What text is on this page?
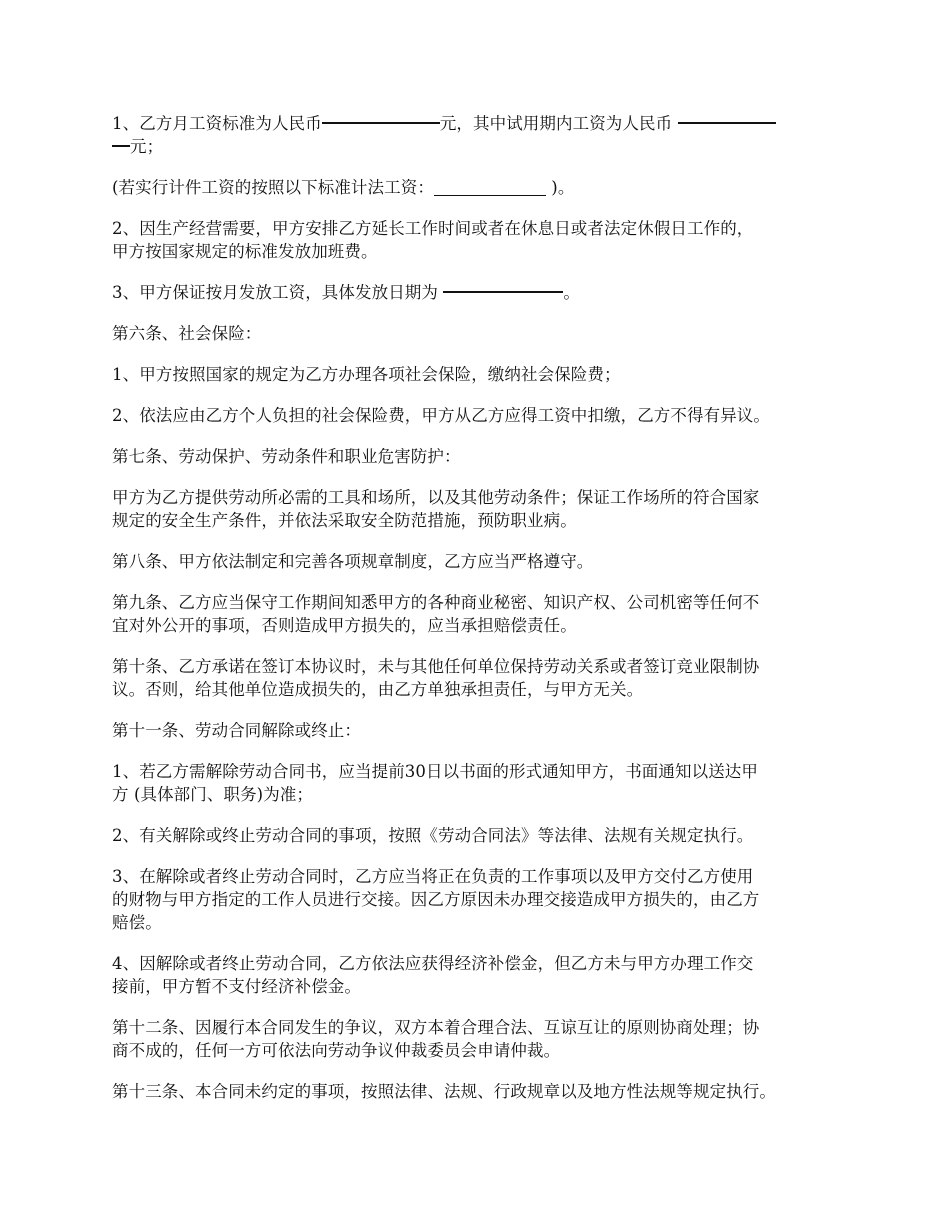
1、乙方月工资标准为人民币	元，其中试用期内工资为人民币
元；
(若实行计件工资的按照以下标准计法工资：	)。
2、因生产经营需要，甲方安排乙方延长工作时间或者在休息日或者法定休假日工作的，
甲方按国家规定的标准发放加班费。
3、甲方保证按月发放工资，具体发放日期为	。
第六条、社会保险：
1、甲方按照国家的规定为乙方办理各项社会保险，缴纳社会保险费；
2、依法应由乙方个人负担的社会保险费，甲方从乙方应得工资中扣缴，乙方不得有异议。
第七条、劳动保护、劳动条件和职业危害防护：
甲方为乙方提供劳动所必需的工具和场所，以及其他劳动条件；保证工作场所的符合国家
规定的安全生产条件，并依法采取安全防范措施，预防职业病。
第八条、甲方依法制定和完善各项规章制度，乙方应当严格遵守。
第九条、乙方应当保守工作期间知悉甲方的各种商业秘密、知识产权、公司机密等任何不
宜对外公开的事项，否则造成甲方损失的，应当承担赔偿责任。
第十条、乙方承诺在签订本协议时，未与其他任何单位保持劳动关系或者签订竞业限制协
议。否则，给其他单位造成损失的，由乙方单独承担责任，与甲方无关。
第十一条、劳动合同解除或终止：
1、若乙方需解除劳动合同书，应当提前30日以书面的形式通知甲方，书面通知以送达甲
方 (具体部门、职务)为准；
2、有关解除或终止劳动合同的事项，按照《劳动合同法》等法律、法规有关规定执行。
3、在解除或者终止劳动合同时，乙方应当将正在负责的工作事项以及甲方交付乙方使用
的财物与甲方指定的工作人员进行交接。因乙方原因未办理交接造成甲方损失的，由乙方
赔偿。
4、因解除或者终止劳动合同，乙方依法应获得经济补偿金，但乙方未与甲方办理工作交
接前，甲方暂不支付经济补偿金。
第十二条、因履行本合同发生的争议，双方本着合理合法、互谅互让的原则协商处理；协
商不成的，任何一方可依法向劳动争议仲裁委员会申请仲裁。
第十三条、本合同未约定的事项，按照法律、法规、行政规章以及地方性法规等规定执行。
